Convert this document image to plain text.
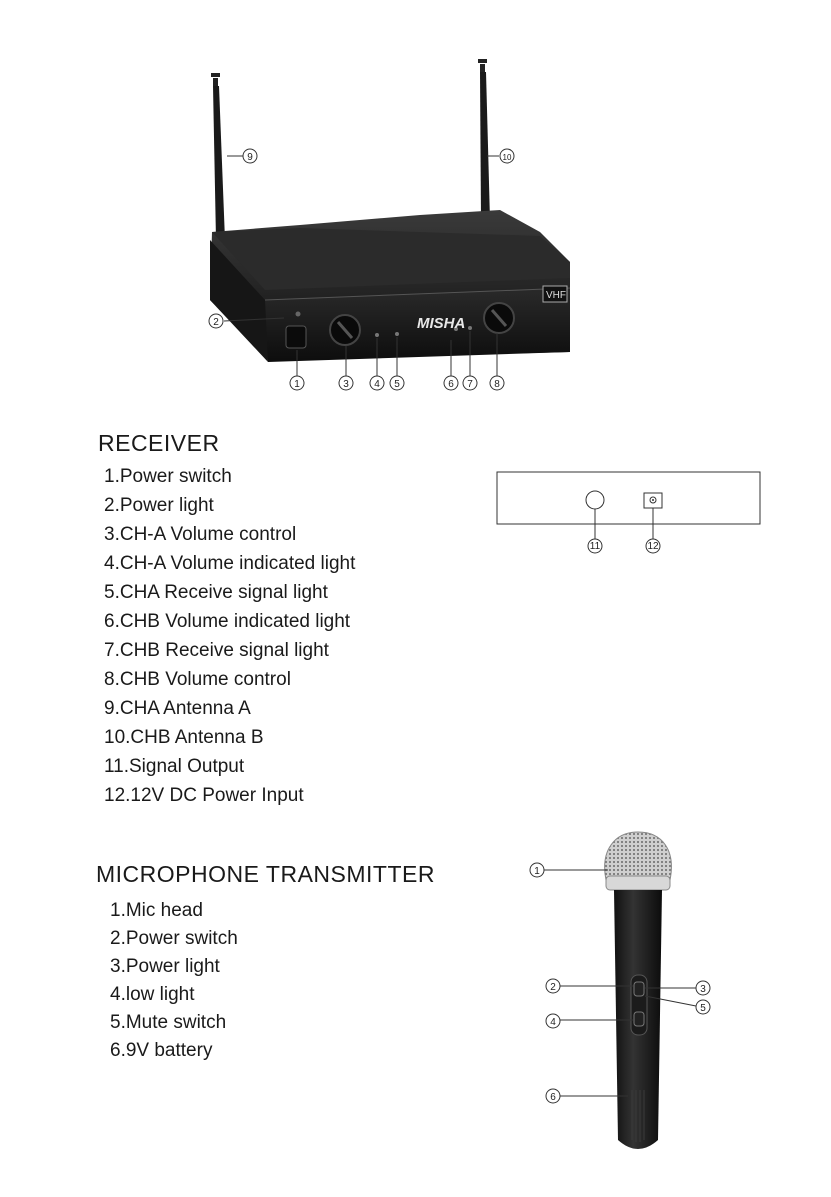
MISHA
VHF
9	10
2
1	3	4 5	6 7 8
11	12
RECEIVER
1.Power switch
2.Power light
3.CH-A Volume control
4.CH-A Volume indicated light
5.CHA Receive signal light
6.CHB Volume indicated light
7.CHB Receive signal light
8.CHB Volume control
9.CHA Antenna A
10.CHB Antenna B
11.Signal Output
12.12V DC Power Input
MICROPHONE TRANSMITTER
1.Mic head
2.Power switch
3.Power light
4.low light
5.Mute switch
6.9V battery
1
2	3
4
5
6
